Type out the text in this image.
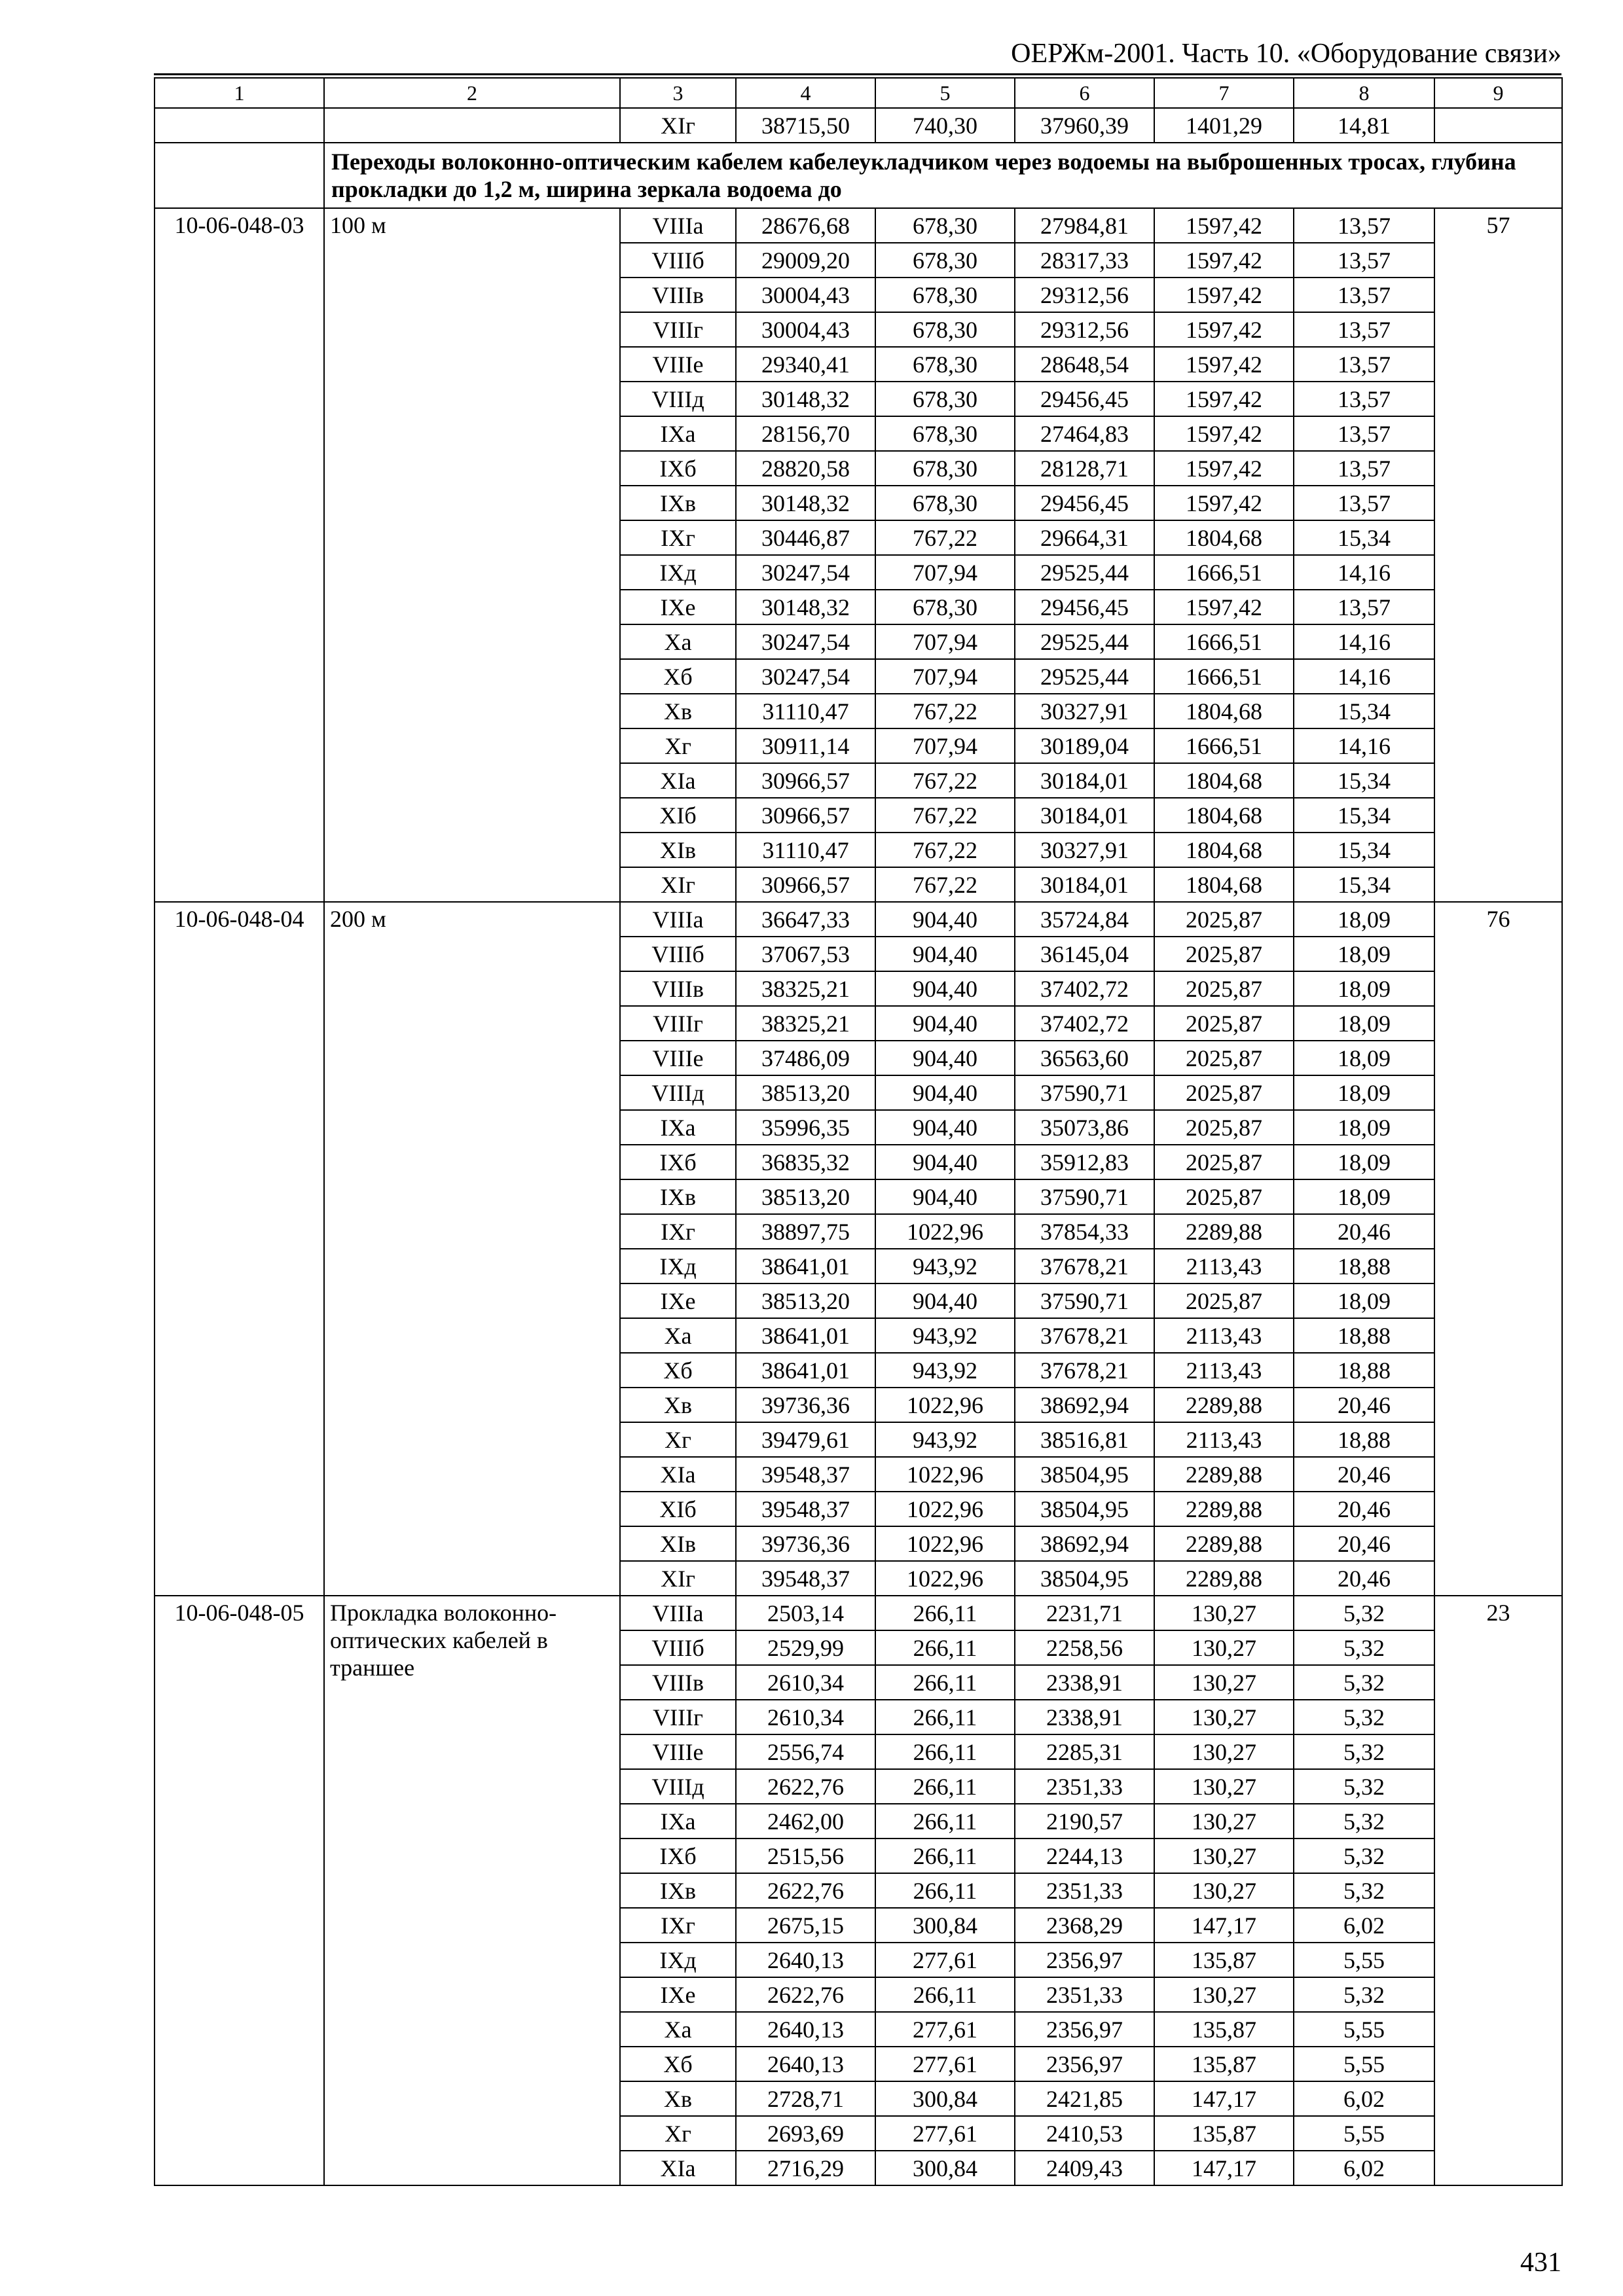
ОЕРЖм-2001. Часть 10. «Оборудование связи»
1	2	3	4	5	6	7	8	9
		XIг	38715,50	740,30	37960,39	1401,29	14,81	
	Переходы волоконно-оптическим кабелем кабелеукладчиком через водоемы на выброшенных тросах, глубина прокладки до 1,2 м, ширина зеркала водоема до							
10-06-048-03	100 м	VIIIа	28676,68	678,30	27984,81	1597,42	13,57	57
		VIIIб	29009,20	678,30	28317,33	1597,42	13,57	
		VIIIв	30004,43	678,30	29312,56	1597,42	13,57	
		VIIIг	30004,43	678,30	29312,56	1597,42	13,57	
		VIIIе	29340,41	678,30	28648,54	1597,42	13,57	
		VIIIд	30148,32	678,30	29456,45	1597,42	13,57	
		IXа	28156,70	678,30	27464,83	1597,42	13,57	
		IXб	28820,58	678,30	28128,71	1597,42	13,57	
		IXв	30148,32	678,30	29456,45	1597,42	13,57	
		IXг	30446,87	767,22	29664,31	1804,68	15,34	
		IXд	30247,54	707,94	29525,44	1666,51	14,16	
		IXе	30148,32	678,30	29456,45	1597,42	13,57	
		Xа	30247,54	707,94	29525,44	1666,51	14,16	
		Xб	30247,54	707,94	29525,44	1666,51	14,16	
		Xв	31110,47	767,22	30327,91	1804,68	15,34	
		Xг	30911,14	707,94	30189,04	1666,51	14,16	
		XIа	30966,57	767,22	30184,01	1804,68	15,34	
		XIб	30966,57	767,22	30184,01	1804,68	15,34	
		XIв	31110,47	767,22	30327,91	1804,68	15,34	
		XIг	30966,57	767,22	30184,01	1804,68	15,34	
10-06-048-04	200 м	VIIIа	36647,33	904,40	35724,84	2025,87	18,09	76
		VIIIб	37067,53	904,40	36145,04	2025,87	18,09	
		VIIIв	38325,21	904,40	37402,72	2025,87	18,09	
		VIIIг	38325,21	904,40	37402,72	2025,87	18,09	
		VIIIе	37486,09	904,40	36563,60	2025,87	18,09	
		VIIIд	38513,20	904,40	37590,71	2025,87	18,09	
		IXа	35996,35	904,40	35073,86	2025,87	18,09	
		IXб	36835,32	904,40	35912,83	2025,87	18,09	
		IXв	38513,20	904,40	37590,71	2025,87	18,09	
		IXг	38897,75	1022,96	37854,33	2289,88	20,46	
		IXд	38641,01	943,92	37678,21	2113,43	18,88	
		IXе	38513,20	904,40	37590,71	2025,87	18,09	
		Xа	38641,01	943,92	37678,21	2113,43	18,88	
		Xб	38641,01	943,92	37678,21	2113,43	18,88	
		Xв	39736,36	1022,96	38692,94	2289,88	20,46	
		Xг	39479,61	943,92	38516,81	2113,43	18,88	
		XIа	39548,37	1022,96	38504,95	2289,88	20,46	
		XIб	39548,37	1022,96	38504,95	2289,88	20,46	
		XIв	39736,36	1022,96	38692,94	2289,88	20,46	
		XIг	39548,37	1022,96	38504,95	2289,88	20,46	
10-06-048-05	Прокладка волоконно-оптических кабелей в траншее	VIIIа	2503,14	266,11	2231,71	130,27	5,32	23
		VIIIб	2529,99	266,11	2258,56	130,27	5,32	
		VIIIв	2610,34	266,11	2338,91	130,27	5,32	
		VIIIг	2610,34	266,11	2338,91	130,27	5,32	
		VIIIе	2556,74	266,11	2285,31	130,27	5,32	
		VIIIд	2622,76	266,11	2351,33	130,27	5,32	
		IXа	2462,00	266,11	2190,57	130,27	5,32	
		IXб	2515,56	266,11	2244,13	130,27	5,32	
		IXв	2622,76	266,11	2351,33	130,27	5,32	
		IXг	2675,15	300,84	2368,29	147,17	6,02	
		IXд	2640,13	277,61	2356,97	135,87	5,55	
		IXе	2622,76	266,11	2351,33	130,27	5,32	
		Xа	2640,13	277,61	2356,97	135,87	5,55	
		Xб	2640,13	277,61	2356,97	135,87	5,55	
		Xв	2728,71	300,84	2421,85	147,17	6,02	
		Xг	2693,69	277,61	2410,53	135,87	5,55	
		XIа	2716,29	300,84	2409,43	147,17	6,02	
431
